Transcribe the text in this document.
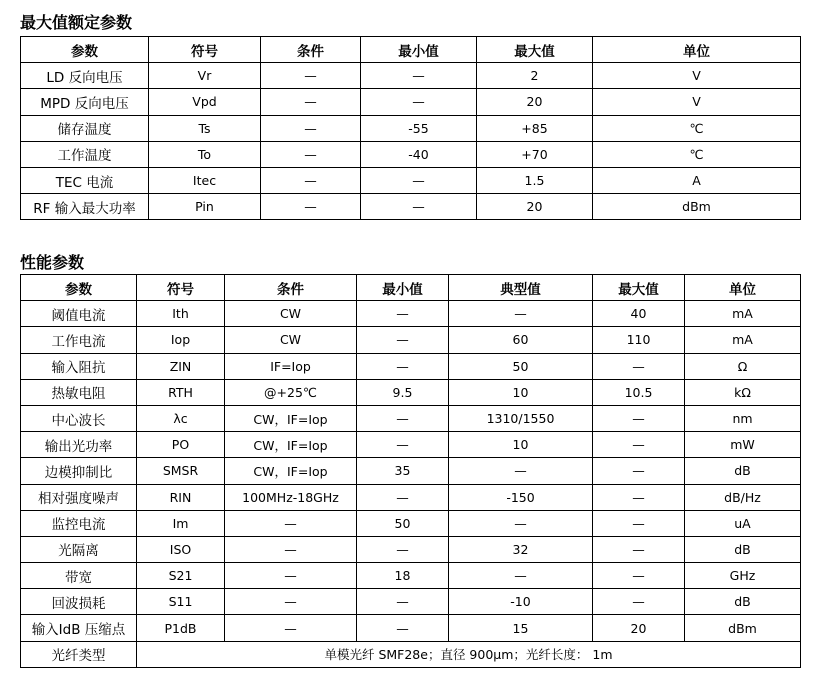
最大值额定参数
参数	符号	条件	最小值	最大值	单位
LD 反向电压	Vr	—	—	2	V
MPD 反向电压	Vpd	—	—	20	V
储存温度	Ts	—	-55	+85	℃
工作温度	To	—	-40	+70	℃
TEC 电流	Itec	—	—	1.5	A
RF 输入最大功率	Pin	—	—	20	dBm
性能参数
参数	符号	条件	最小值	典型值	最大值	单位
阈值电流	Ith	CW	—	—	40	mA
工作电流	Iop	CW	—	60	110	mA
输入阻抗	ZIN	IF=Iop	—	50	—	Ω
热敏电阻	RTH	@+25℃	9.5	10	10.5	kΩ
中心波长	λc	CW，IF=Iop	—	1310/1550	—	nm
输出光功率	PO	CW，IF=Iop	—	10	—	mW
边模抑制比	SMSR	CW，IF=Iop	35	—	—	dB
相对强度噪声	RIN	100MHz-18GHz	—	-150	—	dB/Hz
监控电流	Im	—	50	—	—	uA
光隔离	ISO	—	—	32	—	dB
带宽	S21	—	18	—	—	GHz
回波损耗	S11	—	—	-10	—	dB
输入IdB 压缩点	P1dB	—	—	15	20	dBm
光纤类型	单模光纤 SMF28e；直径 900μm；光纤长度： 1m					
